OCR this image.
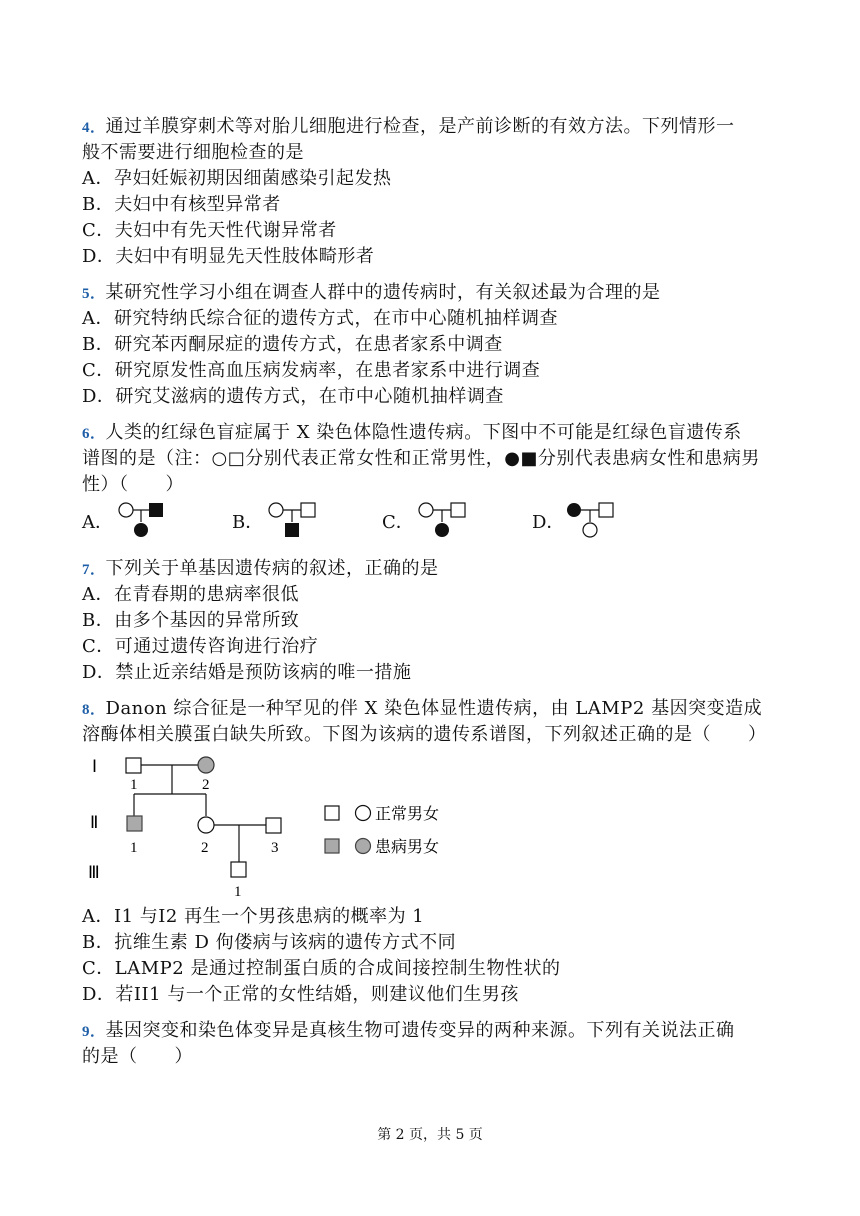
4．通过羊膜穿刺术等对胎儿细胞进行检查，是产前诊断的有效方法。下列情形一
般不需要进行细胞检查的是
A．孕妇妊娠初期因细菌感染引起发热
B．夫妇中有核型异常者
C．夫妇中有先天性代谢异常者
D．夫妇中有明显先天性肢体畸形者
5．某研究性学习小组在调查人群中的遗传病时，有关叙述最为合理的是
A．研究特纳氏综合征的遗传方式，在市中心随机抽样调查
B．研究苯丙酮尿症的遗传方式，在患者家系中调查
C．研究原发性高血压病发病率，在患者家系中进行调查
D．研究艾滋病的遗传方式，在市中心随机抽样调查
6．人类的红绿色盲症属于 X 染色体隐性遗传病。下图中不可能是红绿色盲遗传系
谱图的是（注：○□分别代表正常女性和正常男性，●■分别代表患病女性和患病男
性）（　　）
A．	B．	C．	D．
7．下列关于单基因遗传病的叙述，正确的是
A．在青春期的患病率很低
B．由多个基因的异常所致
C．可通过遗传咨询进行治疗
D．禁止近亲结婚是预防该病的唯一措施
8．Danon 综合征是一种罕见的伴 X 染色体显性遗传病，由 LAMP2 基因突变造成
溶酶体相关膜蛋白缺失所致。下图为该病的遗传系谱图，下列叙述正确的是（　　）
Ⅰ
Ⅱ
Ⅲ
1	2
1	2	3
1
正常男女
患病男女
A．I1 与I2 再生一个男孩患病的概率为 1
B．抗维生素 D 佝偻病与该病的遗传方式不同
C．LAMP2 是通过控制蛋白质的合成间接控制生物性状的
D．若II1 与一个正常的女性结婚，则建议他们生男孩
9．基因突变和染色体变异是真核生物可遗传变异的两种来源。下列有关说法正确
的是（　　）
第 2 页，共 5 页
